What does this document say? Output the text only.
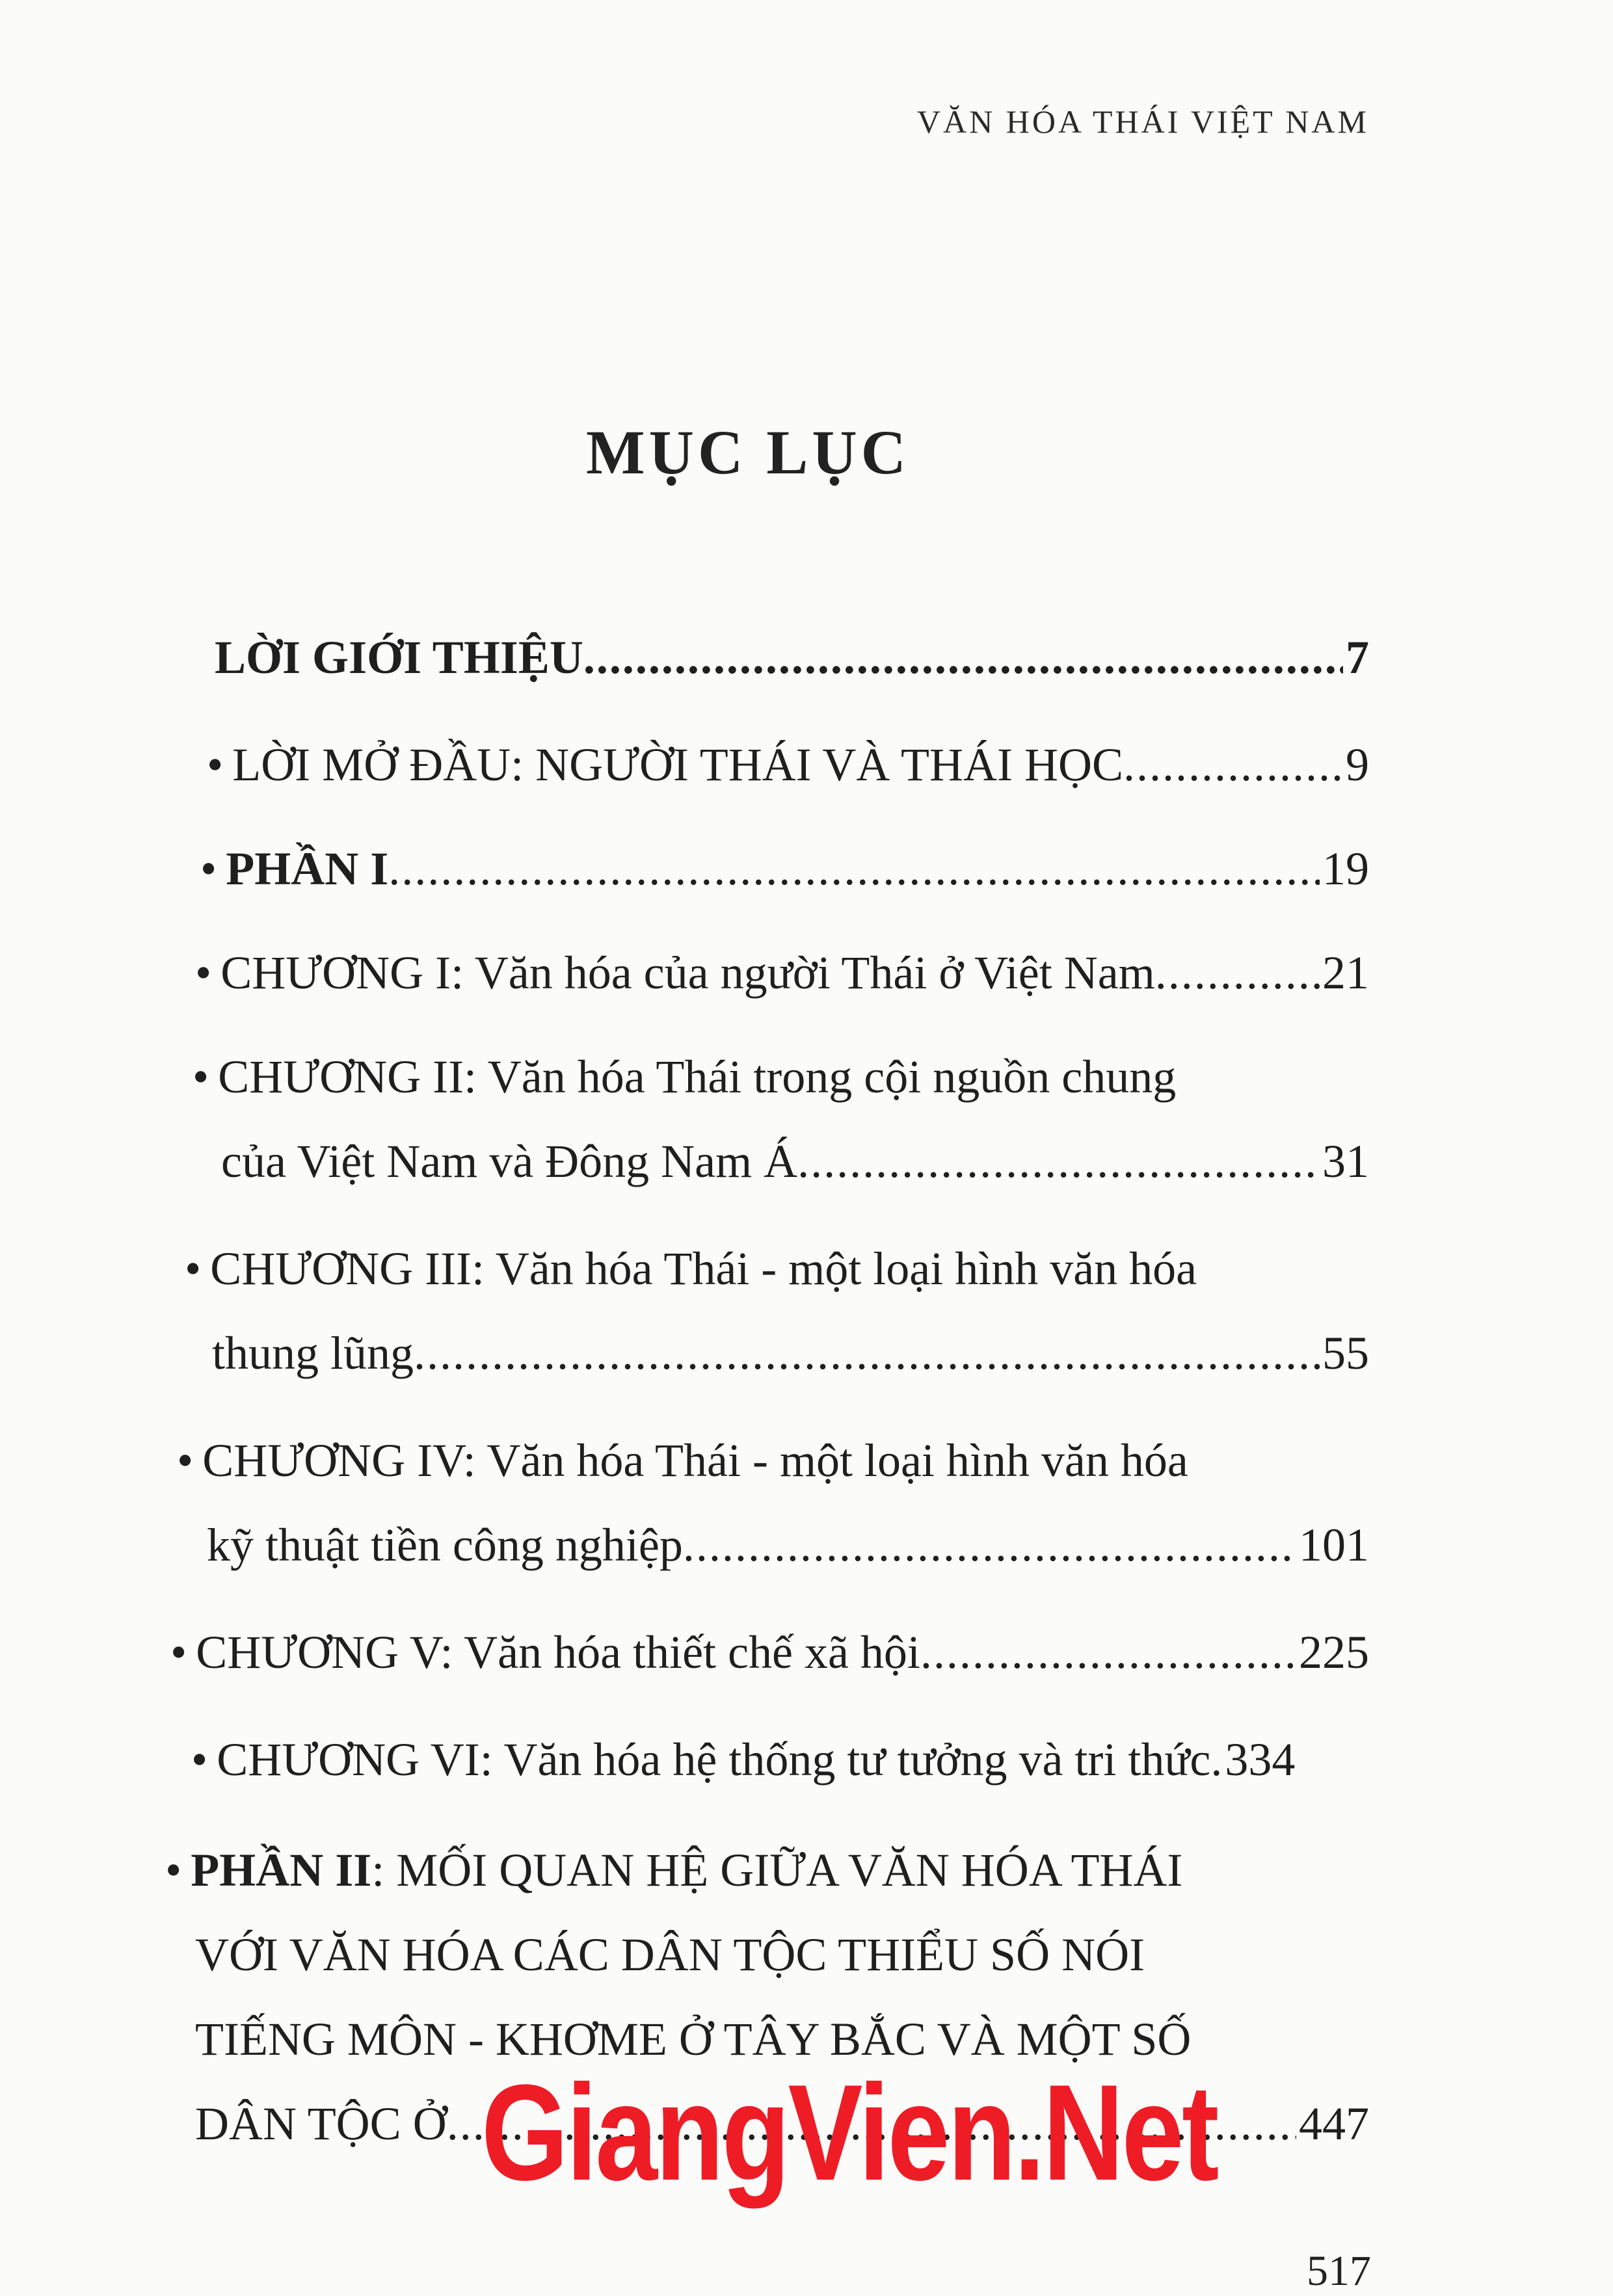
VĂN HÓA THÁI VIỆT NAM
MỤC LỤC
LỜI GIỚI THIỆU .....	7
• LỜI MỞ ĐẦU: NGƯỜI THÁI VÀ THÁI HỌC .....	9
• PHẦN I .....	19
• CHƯƠNG I: Văn hóa của người Thái ở Việt Nam .....	21
• CHƯƠNG II: Văn hóa Thái trong cội nguồn chung
của Việt Nam và Đông Nam Á .....	31
• CHƯƠNG III: Văn hóa Thái - một loại hình văn hóa
thung lũng .....	55
• CHƯƠNG IV: Văn hóa Thái - một loại hình văn hóa
kỹ thuật tiền công nghiệp .....	101
• CHƯƠNG V: Văn hóa thiết chế xã hội .....	225
• CHƯƠNG VI: Văn hóa hệ thống tư tưởng và tri thức. 334
• PHẦN II : MỐI QUAN HỆ GIỮA VĂN HÓA THÁI
VỚI VĂN HÓA CÁC DÂN TỘC THIỂU SỐ NÓI
TIẾNG MÔN - KHƠME Ở TÂY BẮC VÀ MỘT SỐ
DÂN TỘC Ở .....	447
GiangVien.Net
517
